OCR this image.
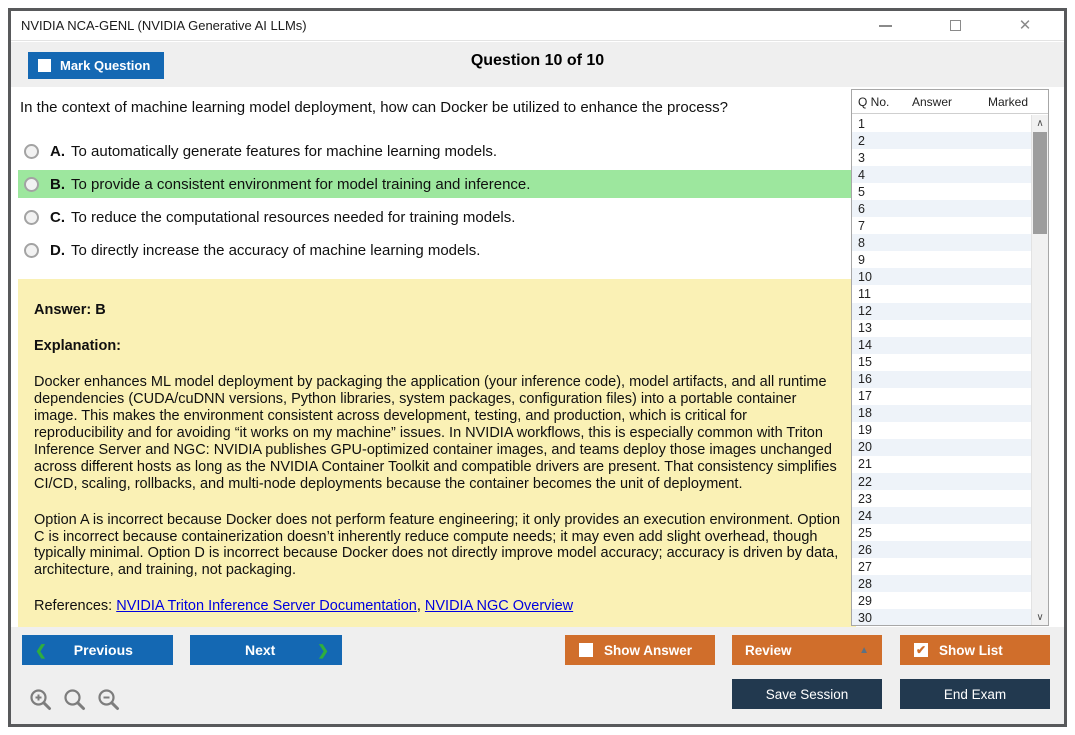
NVIDIA NCA-GENL (NVIDIA Generative AI LLMs)	✕
Mark Question	Question 10 of 10
In the context of machine learning model deployment, how can Docker be utilized to enhance the process?
A. To automatically generate features for machine learning models.
B. To provide a consistent environment for model training and inference.
C. To reduce the computational resources needed for training models.
D. To directly increase the accuracy of machine learning models.
Answer: B
Explanation:
Docker enhances ML model deployment by packaging the application (your inference code), model artifacts, and all runtime dependencies (CUDA/cuDNN versions, Python libraries, system packages, configuration files) into a portable container image. This makes the environment consistent across development, testing, and production, which is critical for reproducibility and for avoiding “it works on my machine” issues. In NVIDIA workflows, this is especially common with Triton Inference Server and NGC: NVIDIA publishes GPU-optimized container images, and teams deploy those images unchanged across different hosts as long as the NVIDIA Container Toolkit and compatible drivers are present. That consistency simplifies CI/CD, scaling, rollbacks, and multi-node deployments because the container becomes the unit of deployment.
Option A is incorrect because Docker does not perform feature engineering; it only provides an execution environment. Option C is incorrect because containerization doesn’t inherently reduce compute needs; it may even add slight overhead, though typically minimal. Option D is incorrect because Docker does not directly improve model accuracy; accuracy is driven by data, architecture, and training, not packaging.
References: NVIDIA Triton Inference Server Documentation, NVIDIA NGC Overview
Q No. Answer	Marked
1
2
3
4
5
6
7
8
9
10
11
12
13
14
15
16
17
18
19
20
21
22
23
24
25
26
27
28
29
30
∧
∨
❮	Previous	Next	❯	Show Answer	Review	▲	✔ Show List
Save Session	End Exam
